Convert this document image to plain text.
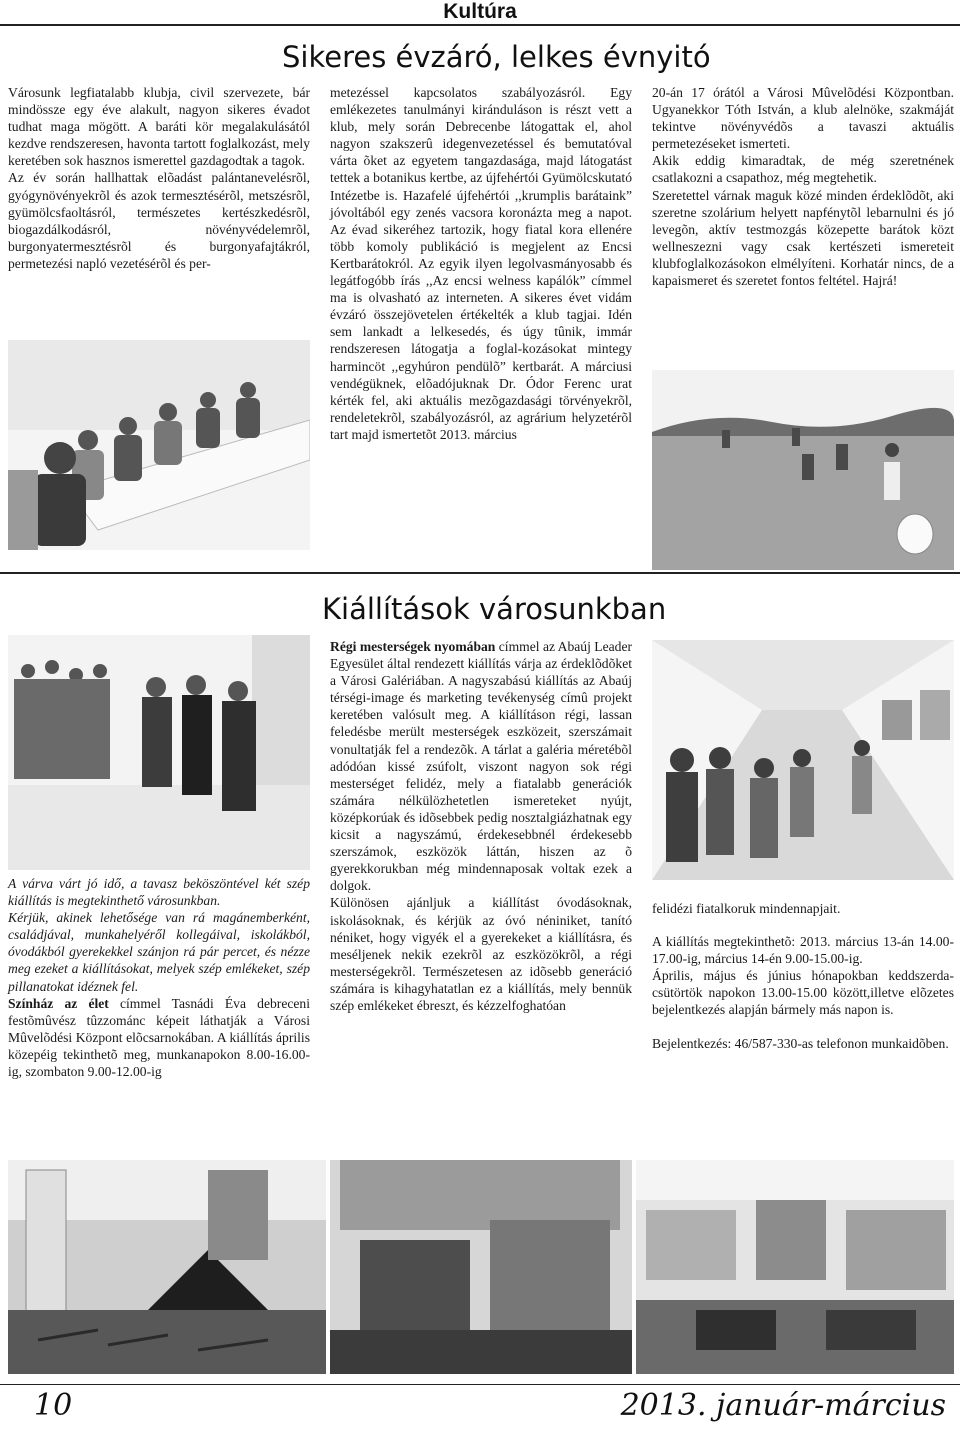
Kultúra
Sikeres évzáró, lelkes évnyitó

Városunk legfiatalabb klubja, civil szervezete, bár mindössze egy éve alakult, nagyon sikeres évadot tudhat maga mögött. A baráti kör megalakulásától kezdve rendszeresen, havonta tartott foglalkozást, mely keretében sok hasznos ismerettel gazdagodtak a tagok.

Az év során hallhattak elõadást palántanevelésrõl, gyógynövényekrõl és azok termesztésérõl, metszésrõl, gyümölcsfaoltásról, természetes kertészkedésrõl, biogazdálkodásról, növényvédelemrõl, burgonyatermesztésrõl és burgonyafajtákról, permetezési napló vezetésérõl és per-

metezéssel kapcsolatos szabályozásról. Egy emlékezetes tanulmányi kiránduláson is részt vett a klub, mely során Debrecenbe látogattak el, ahol nagyon szakszerû idegenvezetéssel és bemutatóval várta õket az egyetem tangazdasága, majd látogatást tettek a botanikus kertbe, az újfehértói Gyümölcskutató Intézetbe is. Hazafelé újfehértói ,,krumplis barátaink” jóvoltából egy zenés vacsora koronázta meg a napot. Az évad sikeréhez tartozik, hogy fiatal kora ellenére több komoly publikáció is megjelent az Encsi Kertbarátokról. Az egyik ilyen legolvasmányosabb és legátfogóbb írás ,,Az encsi welness kapálók” címmel ma is olvasható az interneten. A sikeres évet vidám évzáró összejövetelen értékelték a klub tagjai. Idén sem lankadt a lelkesedés, és úgy tûnik, immár rendszeresen látogatja a foglal-kozásokat mintegy harmincöt ,,egyhúron pendülõ” kertbarát. A márciusi vendégüknek, elõadójuknak Dr. Ódor Ferenc urat kérték fel, aki aktuális mezõgazdasági törvényekrõl, rendeletekrõl, szabályozásról, az agrárium helyzetérõl tart majd ismertetõt 2013. március

20-án 17 órától a Városi Mûvelõdési Központban. Ugyanekkor Tóth István, a klub alelnöke, szakmáját tekintve növényvédõs a tavaszi aktuális permetezéseket ismerteti.

Akik eddig kimaradtak, de még szeretnének csatlakozni a csapathoz, még megtehetik.

Szeretettel várnak maguk közé minden érdeklõdõt, aki szeretne szolárium helyett napfénytõl lebarnulni és jó levegõn, aktív testmozgás közepette barátok közt wellneszezni vagy csak kertészeti ismereteit klubfoglalkozásokon elmélyíteni. Korhatár nincs, de a kapaismeret és szeretet fontos feltétel. Hajrá!

Kiállítások városunkban

A várva várt jó idő, a tavasz beköszöntével két szép kiállítás is megtekinthető városunkban.

Kérjük, akinek lehetősége van rá magánemberként, családjával, munkahelyéről kollegáival, iskolákból, óvodákból gyerekekkel szánjon rá pár percet, és nézze meg ezeket a kiállításokat, melyek szép emlékeket, szép pillanatokat idéznek fel.

Színház az élet címmel Tasnádi Éva debreceni festõmûvész tûzzománc képeit láthatják a Városi Mûvelõdési Központ elõcsarnokában. A kiállítás április közepéig tekinthetõ meg, munkanapokon 8.00-16.00-ig, szombaton 9.00-12.00-ig

Régi mesterségek nyomában címmel az Abaúj Leader Egyesület által rendezett kiállítás várja az érdeklõdõket a Városi Galériában. A nagyszabású kiállítás az Abaúj térségi-image és marketing tevékenység címû projekt keretében valósult meg. A kiállításon régi, lassan feledésbe merült mesterségek eszközeit, szerszámait vonultatják fel a rendezõk. A tárlat a galéria méretébõl adódóan kissé zsúfolt, viszont nagyon sok régi mesterséget felidéz, mely a fiatalabb generációk számára nélkülözhetetlen ismereteket nyújt, középkorúak és idõsebbek pedig nosztalgiázhatnak egy kicsit a nagyszámú, érdekesebbnél érdekesebb szerszámok, eszközök láttán, hiszen az õ gyerekkorukban még mindennaposak voltak ezek a dolgok.

Különösen ajánljuk a kiállítást óvodásoknak, iskolásoknak, és kérjük az óvó néniniket, tanító néniket, hogy vigyék el a gyerekeket a kiállításra, és meséljenek nekik ezekrõl az eszközökrõl, a régi mesterségekrõl. Természetesen az idõsebb generáció számára is kihagyhatatlan ez a kiállítás, mely bennük szép emlékeket ébreszt, és kézzelfoghatóan

felidézi fiatalkoruk mindennapjait.

A kiállítás megtekinthetõ: 2013. március 13-án 14.00-17.00-ig, március 14-én 9.00-15.00-ig.

Április, május és június hónapokban keddszerda-csütörtök napokon 13.00-15.00 között,illetve elõzetes bejelentkezés alapján bármely más napon is.

Bejelentkezés: 46/587-330-as telefonon munkaidõben.

10	2013. január-március
